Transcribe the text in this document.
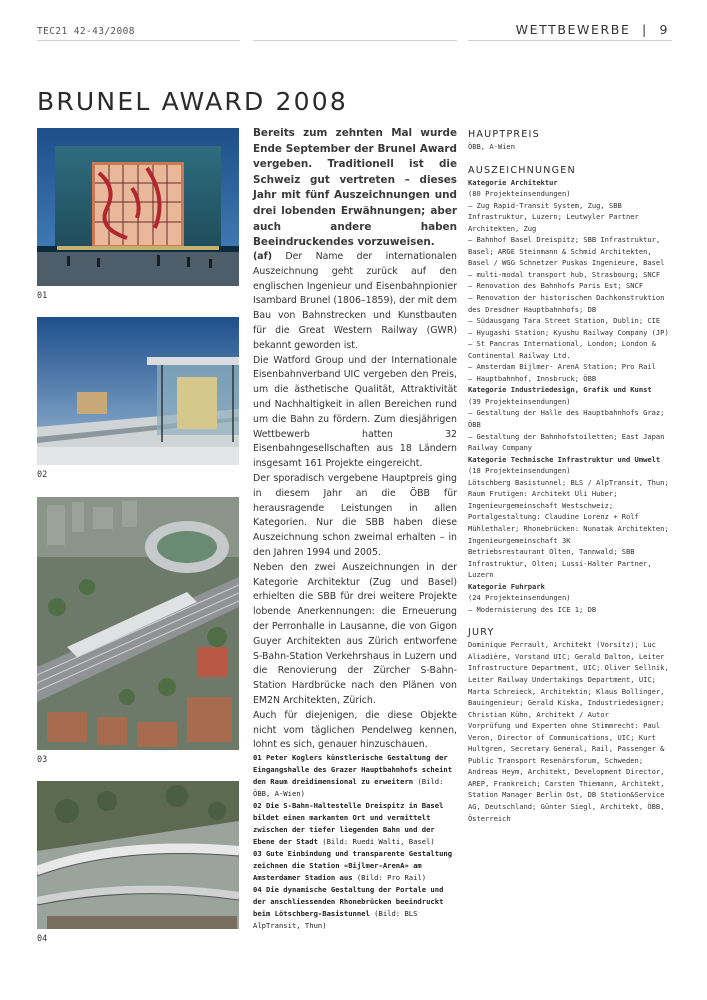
TEC21 42-43/2008	WETTBEWERBE | 9
BRUNEL AWARD 2008
01
02
03
04

Bereits zum zehnten Mal wurde Ende September der Brunel Award vergeben. Traditionell ist die Schweiz gut vertreten – dieses Jahr mit fünf Auszeichnungen und drei lobenden Erwähnungen; aber auch andere haben Beeindruckendes vorzuweisen.

(af) Der Name der internationalen Auszeichnung geht zurück auf den englischen Ingenieur und Eisenbahnpionier Isambard Brunel (1806–1859), der mit dem Bau von Bahnstrecken und Kunstbauten für die Great Western Railway (GWR) bekannt geworden ist.

Die Watford Group und der Internationale Eisenbahnverband UIC vergeben den Preis, um die ästhetische Qualität, Attraktivität und Nachhaltigkeit in allen Bereichen rund um die Bahn zu fördern. Zum diesjährigen Wettbewerb hatten 32 Eisenbahngesellschaften aus 18 Ländern insgesamt 161 Projekte eingereicht.

Der sporadisch vergebene Hauptpreis ging in diesem Jahr an die ÖBB für herausragende Leistungen in allen Kategorien. Nur die SBB haben diese Auszeichnung schon zweimal erhalten – in den Jahren 1994 und 2005.

Neben den zwei Auszeichnungen in der Kategorie Architektur (Zug und Basel) erhielten die SBB für drei weitere Projekte lobende Anerkennungen: die Erneuerung der Perronhalle in Lausanne, die von Gigon Guyer Architekten aus Zürich entworfene S-Bahn-Station Verkehrshaus in Luzern und die Renovierung der Zürcher S-Bahn-Station Hardbrücke nach den Plänen von EM2N Architekten, Zürich.

Auch für diejenigen, die diese Objekte nicht vom täglichen Pendelweg kennen, lohnt es sich, genauer hinzuschauen.

01 Peter Koglers künstlerische Gestaltung der Eingangshalle des Grazer Hauptbahnhofs scheint den Raum dreidimensional zu erweitern (Bild: ÖBB, A-Wien)

02 Die S-Bahn-Haltestelle Dreispitz in Basel bildet einen markanten Ort und vermittelt zwischen der tiefer liegenden Bahn und der Ebene der Stadt (Bild: Ruedi Walti, Basel)

03 Gute Einbindung und transparente Gestaltung zeichnen die Station «Bijlmer-ArenA» am Amsterdamer Stadion aus (Bild: Pro Rail)

04 Die dynamische Gestaltung der Portale und der anschliessenden Rhonebrücken beeindruckt beim Lötschberg-Basistunnel (Bild: BLS AlpTransit, Thun)

HAUPTPREIS
ÖBB, A-Wien
AUSZEICHNUNGEN
Kategorie Architektur
(80 Projekteinsendungen)
– Zug Rapid-Transit System, Zug, SBB Infrastruktur, Luzern; Leutwyler Partner Architekten, Zug
– Bahnhof Basel Dreispitz; SBB Infrastruktur, Basel; ARGE Steinmann & Schmid Architekten, Basel / WGG Schnetzer Puskas Ingenieure, Basel
– multi-modal transport hub, Strasbourg; SNCF
– Renovation des Bahnhofs Paris Est; SNCF
– Renovation der historischen Dachkonstruktion des Dresdner Hauptbahnhofs; DB
– Südausgang Tara Street Station, Dublin; CIE
– Hyugashi Station; Kyushu Railway Company (JP)
– St Pancras International, London; London & Continental Railway Ltd.
– Amsterdam Bijlmer- ArenA Station; Pro Rail
– Hauptbahnhof, Innsbruck; ÖBB
Kategorie Industriedesign, Grafik und Kunst
(39 Projekteinsendungen)
– Gestaltung der Halle des Hauptbahnhofs Graz; ÖBB
– Gestaltung der Bahnhofstoiletten; East Japan Railway Company
Kategorie Technische Infrastruktur und Umwelt
(18 Projekteinsendungen)
Lötschberg Basistunnel; BLS / AlpTransit, Thun; Raum Frutigen: Architekt Uli Huber; Ingenieurgemeinschaft Westschweiz; Portalgestaltung: Claudine Lorenz + Rolf Mühlethaler; Rhonebrücken: Nunatak Architekten; Ingenieurgemeinschaft 3K
Betriebsrestaurant Olten, Tannwald; SBB Infrastruktur, Olten; Lussi-Halter Partner, Luzern
Kategorie Fuhrpark
(24 Projekteinsendungen)
– Modernisierung des ICE 1; DB
JURY
Dominique Perrault, Architekt (Vorsitz); Luc Aliadière, Vorstand UIC; Gerald Dalton, Leiter Infrastructure Department, UIC; Oliver Sellnik, Leiter Railway Undertakings Department, UIC; Marta Schreieck, Architektin; Klaus Bollinger, Bauingenieur; Gerald Kiska, Industriedesigner; Christian Kühn, Architekt / Autor
Vorprüfung und Experten ohne Stimmrecht: Paul Veron, Director of Communications, UIC; Kurt Hultgren, Secretary General, Rail, Passenger & Public Transport Resenärsforum, Schweden; Andreas Heym, Architekt, Development Director, AREP, Frankreich; Carsten Thiemann, Architekt, Station Manager Berlin Ost, DB Station&Service AG, Deutschland; Günter Siegl, Architekt, ÖBB, Österreich
